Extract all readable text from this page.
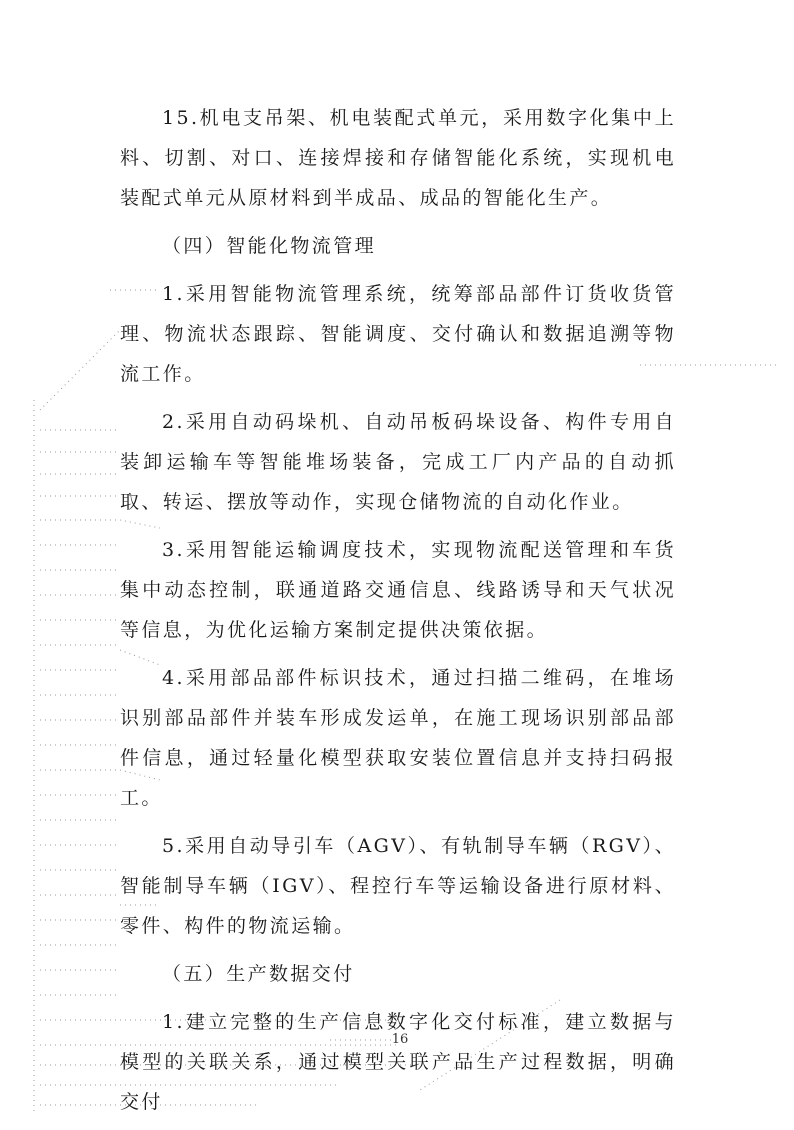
15.机电支吊架、机电装配式单元，采用数字化集中上料、切割、对口、连接焊接和存储智能化系统，实现机电装配式单元从原材料到半成品、成品的智能化生产。

（四）智能化物流管理

1.采用智能物流管理系统，统筹部品部件订货收货管理、物流状态跟踪、智能调度、交付确认和数据追溯等物流工作。

2.采用自动码垛机、自动吊板码垛设备、构件专用自装卸运输车等智能堆场装备，完成工厂内产品的自动抓取、转运、摆放等动作，实现仓储物流的自动化作业。

3.采用智能运输调度技术，实现物流配送管理和车货集中动态控制，联通道路交通信息、线路诱导和天气状况等信息，为优化运输方案制定提供决策依据。

4.采用部品部件标识技术，通过扫描二维码，在堆场识别部品部件并装车形成发运单，在施工现场识别部品部件信息，通过轻量化模型获取安装位置信息并支持扫码报工。

5.采用自动导引车（AGV）、有轨制导车辆（RGV）、智能制导车辆（IGV）、程控行车等运输设备进行原材料、零件、构件的物流运输。

（五）生产数据交付

1.建立完整的生产信息数字化交付标准，建立数据与模型的关联关系，通过模型关联产品生产过程数据，明确交付

16
